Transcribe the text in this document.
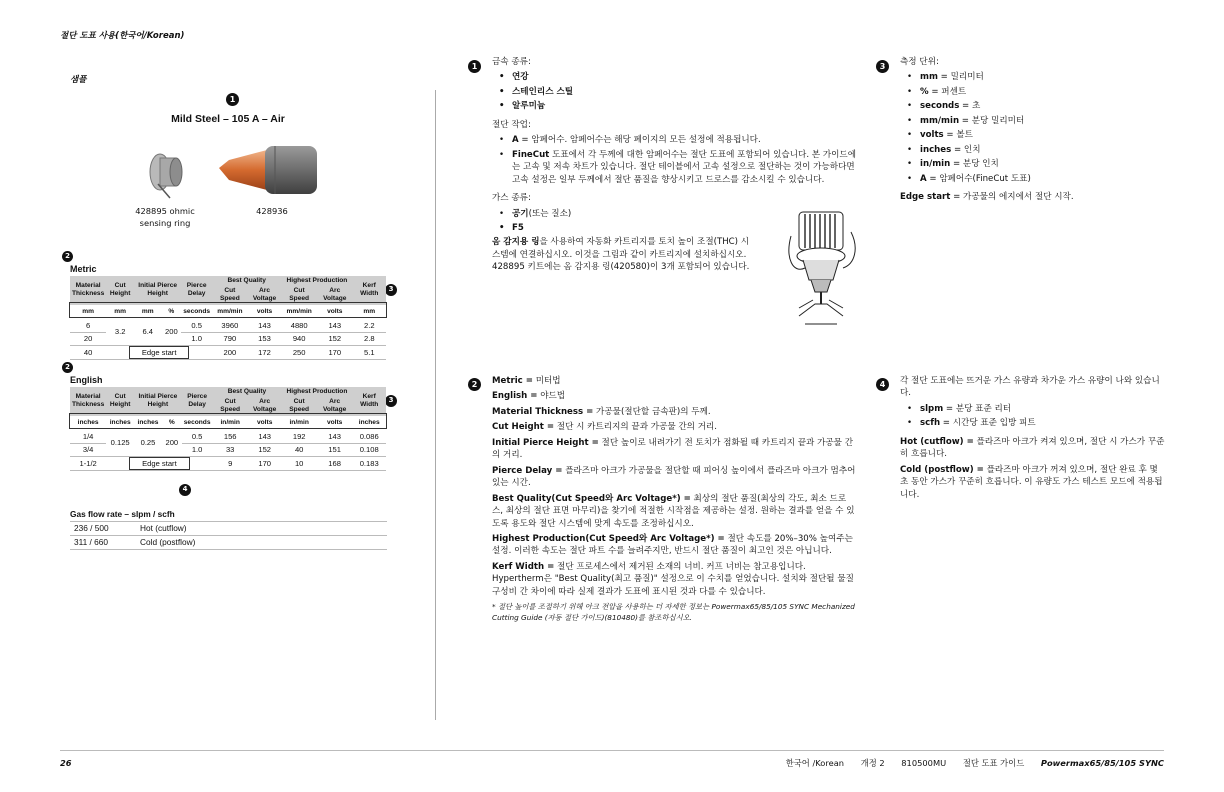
절단 도표 사용(한국어/Korean)
샘플
1
Mild Steel – 105 A – Air
428895 ohmic
sensing ring
428936
2
Metric
3
Material Thickness	Cut Height	Initial Pierce Height		Pierce Delay	Best Quality		Highest Production		Kerf Width
					Cut Speed	Arc Voltage	Cut Speed	Arc Voltage	
mm	mm	mm	%	seconds	mm/min	volts	mm/min	volts	mm
6	3.2	6.4	200	0.5	3960	143	4880	143	2.2
20				1.0	790	153	940	152	2.8
40	Edge start				200	172	250	170	5.1
2
English
3
Material Thickness	Cut Height	Initial Pierce Height		Pierce Delay	Best Quality		Highest Production		Kerf Width
					Cut Speed	Arc Voltage	Cut Speed	Arc Voltage	
inches	inches	inches	%	seconds	in/min	volts	in/min	volts	inches
1/4	0.125	0.25	200	0.5	156	143	192	143	0.086
3/4				1.0	33	152	40	151	0.108
1-1/2	Edge start				9	170	10	168	0.183
4
Gas flow rate – slpm / scfh
236 / 500	Hot (cutflow)
311 / 660	Cold (postflow)
1	금속 종류:

• 연강
• 스테인리스 스틸
• 알루미늄

절단 작업:

• A = 암페어수. 암페어수는 해당 페이지의 모든 설정에 적용됩니다.
• FineCut 도표에서 각 두께에 대한 암페어수는 절단 도표에 포함되어 있습니다. 본 가이드에는 고속 및 저속 차트가 있습니다. 절단 테이블에서 고속 설정으로 절단하는 것이 가능하다면 고속 설정은 일부 두께에서 절단 품질을 향상시키고 드로스를 감소시킬 수 있습니다.

가스 종류:

• 공기(또는 질소)
• F5

옴 감지용 링을 사용하여 자동화 카트리지를 토치 높이 조절(THC) 시스템에 연결하십시오. 이것을 그림과 같이 카트리지에 설치하십시오. 428895 키트에는 옴 감지용 링(420580)이 3개 포함되어 있습니다.

3	측정 단위:

• mm = 밀리미터
• % = 퍼센트
• seconds = 초
• mm/min = 분당 밀리미터
• volts = 볼트
• inches = 인치
• in/min = 분당 인치
• A = 암페어수(FineCut 도표)

Edge start = 가공물의 에지에서 절단 시작.

2	Metric = 미터법

English = 야드법

Material Thickness = 가공물(절단할 금속판)의 두께.

Cut Height = 절단 시 카트리지의 끝과 가공물 간의 거리.

Initial Pierce Height = 절단 높이로 내려가기 전 토치가 점화될 때 카트리지 끝과 가공물 간의 거리.

Pierce Delay = 플라즈마 아크가 가공물을 절단할 때 피어싱 높이에서 플라즈마 아크가 멈추어 있는 시간.

Best Quality(Cut Speed와 Arc Voltage*) = 최상의 절단 품질(최상의 각도, 최소 드로스, 최상의 절단 표면 마무리)을 찾기에 적절한 시작점을 제공하는 설정. 원하는 결과를 얻을 수 있도록 용도와 절단 시스템에 맞게 속도를 조정하십시오.

Highest Production(Cut Speed와 Arc Voltage*) = 절단 속도를 20%–30% 높여주는 설정. 이러한 속도는 절단 파트 수를 늘려주지만, 반드시 절단 품질이 최고인 것은 아닙니다.

Kerf Width = 절단 프로세스에서 제거된 소재의 너비. 커프 너비는 참고용입니다. Hypertherm은 "Best Quality(최고 품질)" 설정으로 이 수치를 얻었습니다. 설치와 절단될 물질 구성비 간 차이에 따라 실제 결과가 도표에 표시된 것과 다를 수 있습니다.

* 절단 높이를 조절하기 위해 아크 전압을 사용하는 더 자세한 정보는 Powermax65/85/105 SYNC Mechanized Cutting Guide (자동 절단 가이드)(810480)를 참조하십시오.

4	각 절단 도표에는 뜨거운 가스 유량과 차가운 가스 유량이 나와 있습니다.

• slpm = 분당 표준 리터
• scfh = 시간당 표준 입방 피트

Hot (cutflow) = 플라즈마 아크가 켜져 있으며, 절단 시 가스가 꾸준히 흐릅니다.

Cold (postflow) = 플라즈마 아크가 꺼져 있으며, 절단 완료 후 몇 초 동안 가스가 꾸준히 흐릅니다. 이 유량도 가스 테스트 모드에 적용됩니다.

26	한국어 /Korean 개정 2 810500MU 절단 도표 가이드 Powermax65/85/105 SYNC
